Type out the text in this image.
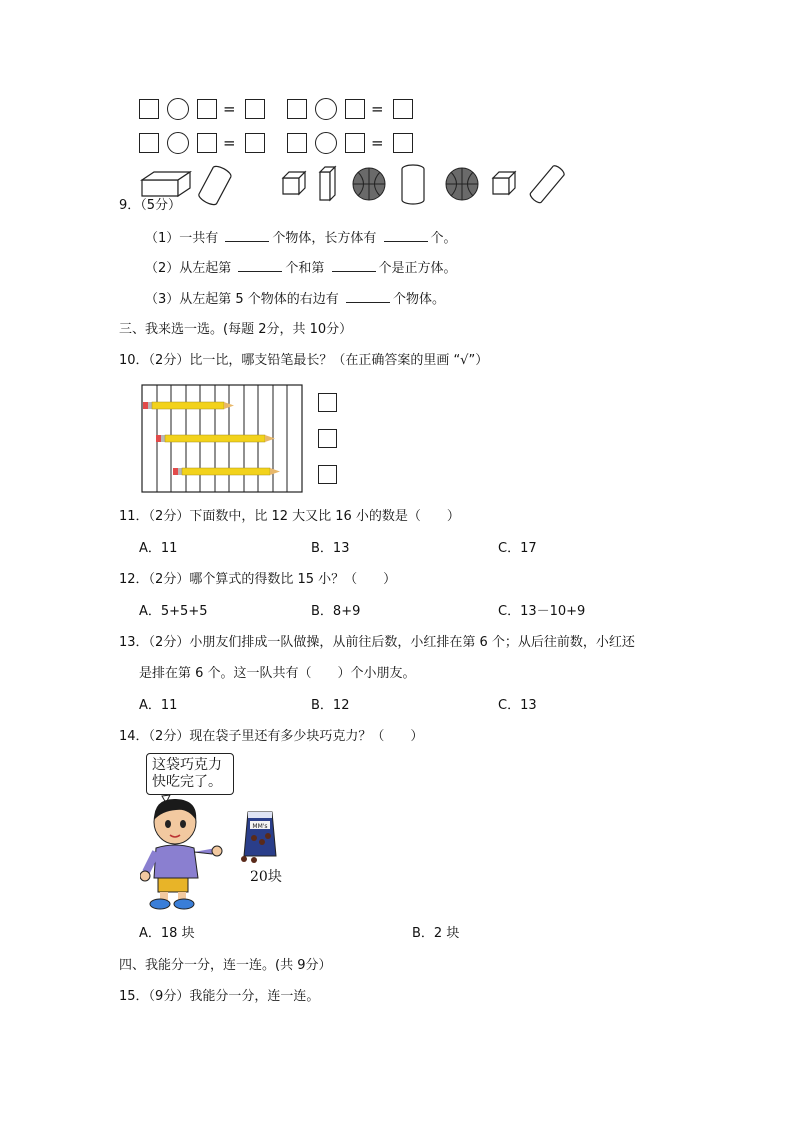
=	=
=	=
9．（5分）
（1）一共有	个物体，长方体有	个。
（2）从左起第	个和第	个是正方体。
（3）从左起第 5 个物体的右边有	个物体。
三、我来选一选。(每题 2分，共 10分）
10．（2分）比一比，哪支铅笔最长？（在正确答案的里画 “√”）
11．（2分）下面数中，比 12 大又比 16 小的数是（　　）
A．11	B．13	C．17
12．（2分）哪个算式的得数比 15 小？（　　）
A．5+5+5	B．8+9	C．13－10+9
13．（2分）小朋友们排成一队做操，从前往后数，小红排在第 6 个；从后往前数，小红还
是排在第 6 个。这一队共有（　　）个小朋友。
A．11	B．12	C．13
14．（2分）现在袋子里还有多少块巧克力？（　　）
这袋巧克力
快吃完了。
MM's
20块
A．18 块	B．2 块
四、我能分一分，连一连。(共 9分）
15．（9分）我能分一分，连一连。
